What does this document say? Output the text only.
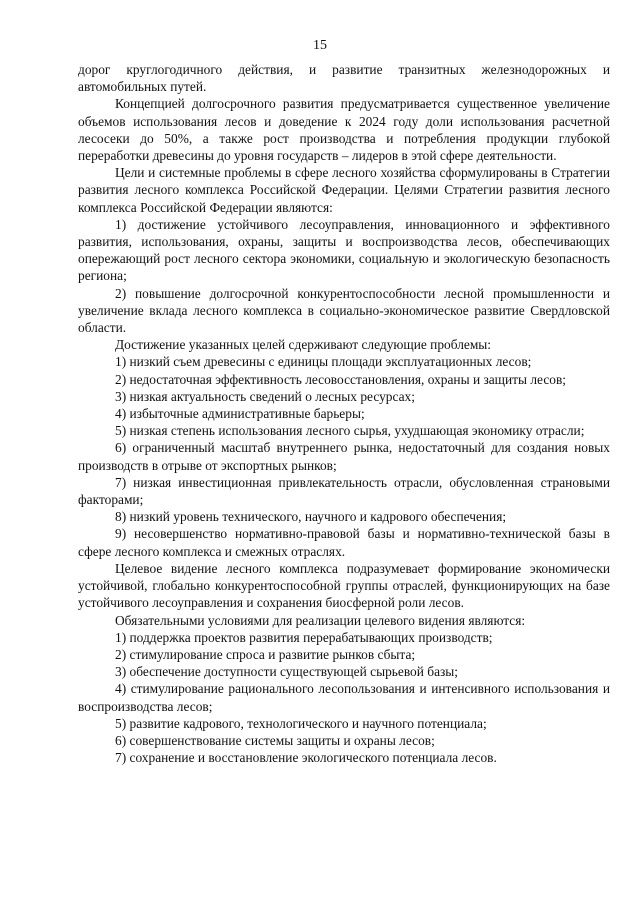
15

дорог круглогодичного действия, и развитие транзитных железнодорожных и автомобильных путей.

Концепцией долгосрочного развития предусматривается существенное увеличение объемов использования лесов и доведение к 2024 году доли использования расчетной лесосеки до 50%, а также рост производства и потребления продукции глубокой переработки древесины до уровня государств – лидеров в этой сфере деятельности.

Цели и системные проблемы в сфере лесного хозяйства сформулированы в Стратегии развития лесного комплекса Российской Федерации. Целями Стратегии развития лесного комплекса Российской Федерации являются:

1) достижение устойчивого лесоуправления, инновационного и эффективного развития, использования, охраны, защиты и воспроизводства лесов, обеспечивающих опережающий рост лесного сектора экономики, социальную и экологическую безопасность региона;

2) повышение долгосрочной конкурентоспособности лесной промышленности и увеличение вклада лесного комплекса в социально-экономическое развитие Свердловской области.

Достижение указанных целей сдерживают следующие проблемы:

1) низкий съем древесины с единицы площади эксплуатационных лесов;

2) недостаточная эффективность лесовосстановления, охраны и защиты лесов;

3) низкая актуальность сведений о лесных ресурсах;

4) избыточные административные барьеры;

5) низкая степень использования лесного сырья, ухудшающая экономику отрасли;

6) ограниченный масштаб внутреннего рынка, недостаточный для создания новых производств в отрыве от экспортных рынков;

7) низкая инвестиционная привлекательность отрасли, обусловленная страновыми факторами;

8) низкий уровень технического, научного и кадрового обеспечения;

9) несовершенство нормативно-правовой базы и нормативно-технической базы в сфере лесного комплекса и смежных отраслях.

Целевое видение лесного комплекса подразумевает формирование экономически устойчивой, глобально конкурентоспособной группы отраслей, функционирующих на базе устойчивого лесоуправления и сохранения биосферной роли лесов.

Обязательными условиями для реализации целевого видения являются:

1) поддержка проектов развития перерабатывающих производств;

2) стимулирование спроса и развитие рынков сбыта;

3) обеспечение доступности существующей сырьевой базы;

4) стимулирование рационального лесопользования и интенсивного использования и воспроизводства лесов;

5) развитие кадрового, технологического и научного потенциала;

6) совершенствование системы защиты и охраны лесов;

7) сохранение и восстановление экологического потенциала лесов.
